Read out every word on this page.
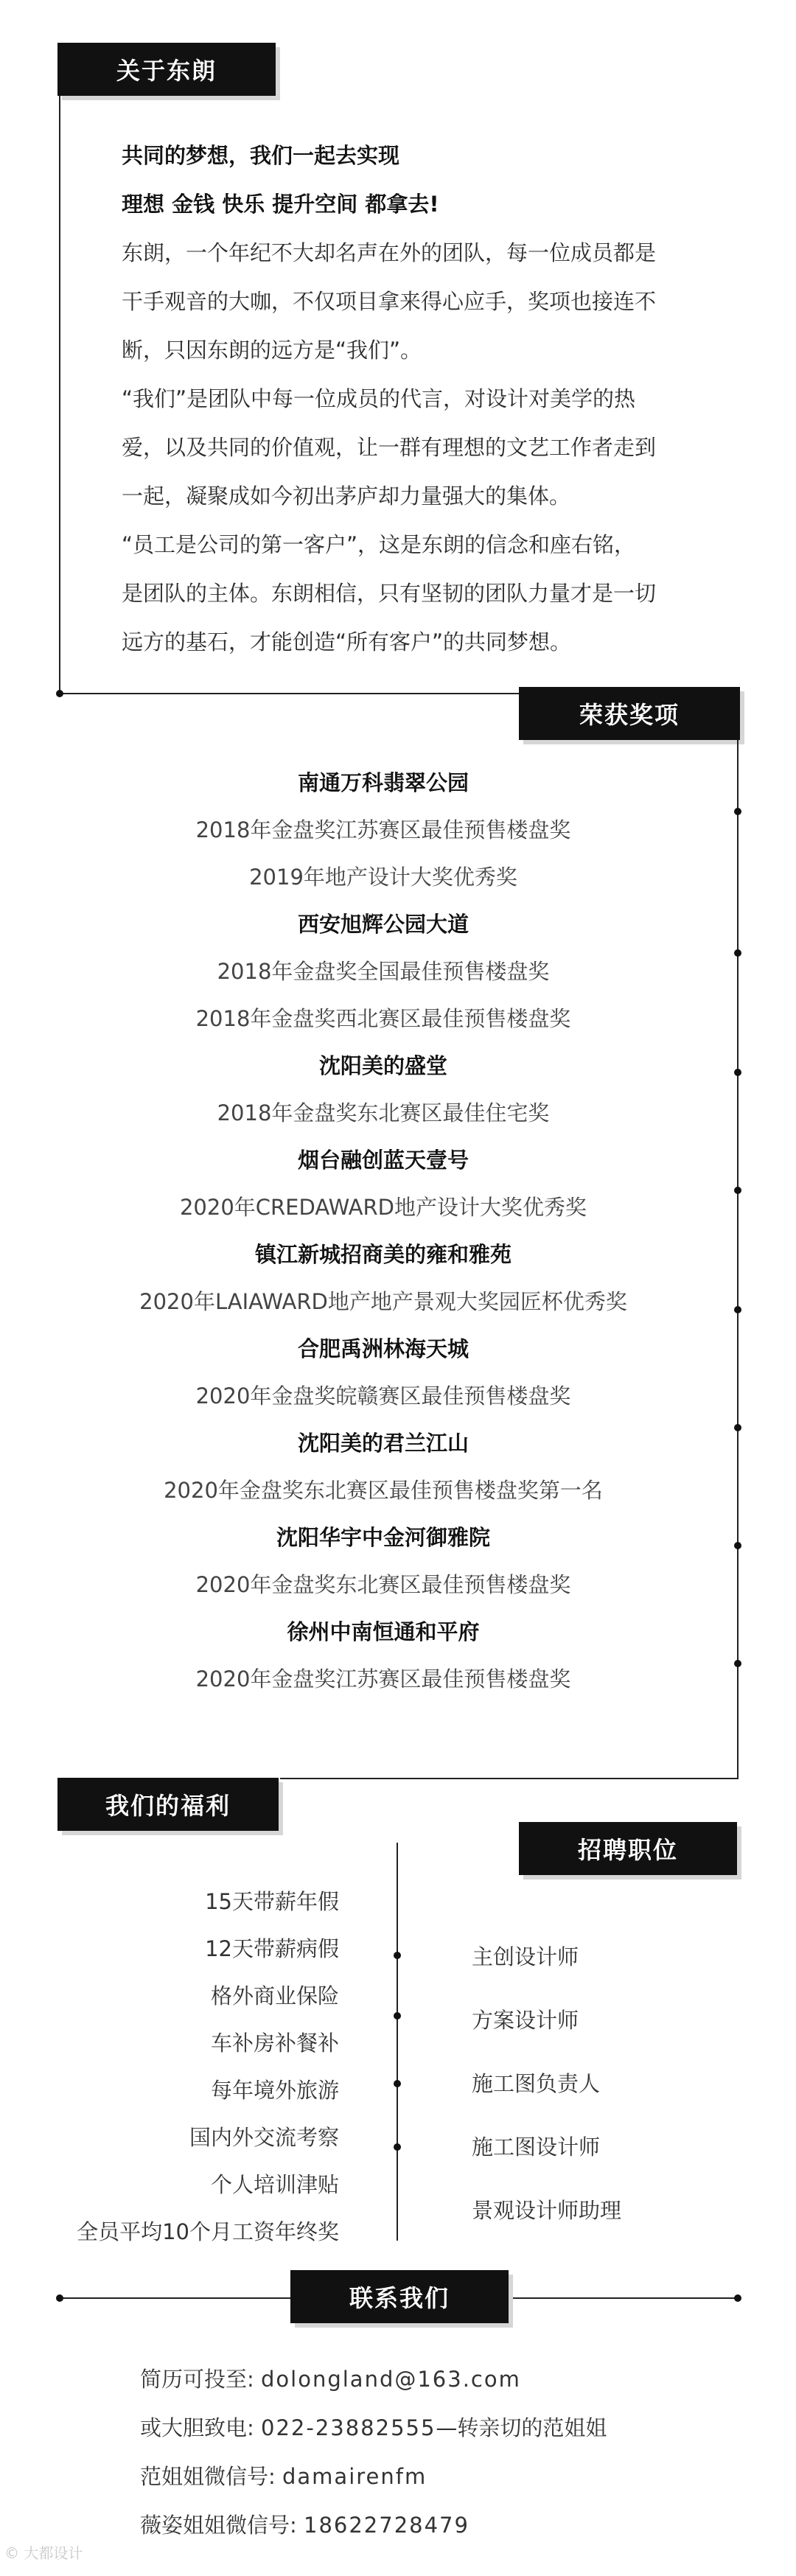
关于东朗

共同的梦想，我们一起去实现

理想 金钱 快乐 提升空间 都拿去!

东朗，一个年纪不大却名声在外的团队，每一位成员都是

干手观音的大咖，不仅项目拿来得心应手，奖项也接连不

断，只因东朗的远方是“我们”。

“我们”是团队中每一位成员的代言，对设计对美学的热

爱，以及共同的价值观，让一群有理想的文艺工作者走到

一起，凝聚成如今初出茅庐却力量强大的集体。

“员工是公司的第一客户”，这是东朗的信念和座右铭，

是团队的主体。东朗相信，只有坚韧的团队力量才是一切

远方的基石，才能创造“所有客户”的共同梦想。

荣获奖项
南通万科翡翠公园
2018年金盘奖江苏赛区最佳预售楼盘奖
2019年地产设计大奖优秀奖
西安旭辉公园大道
2018年金盘奖全国最佳预售楼盘奖
2018年金盘奖西北赛区最佳预售楼盘奖
沈阳美的盛堂
2018年金盘奖东北赛区最佳住宅奖
烟台融创蓝天壹号
2020年CREDAWARD地产设计大奖优秀奖
镇江新城招商美的雍和雅苑
2020年LAIAWARD地产地产景观大奖园匠杯优秀奖
合肥禹洲林海天城
2020年金盘奖皖赣赛区最佳预售楼盘奖
沈阳美的君兰江山
2020年金盘奖东北赛区最佳预售楼盘奖第一名
沈阳华宇中金河御雅院
2020年金盘奖东北赛区最佳预售楼盘奖
徐州中南恒通和平府
2020年金盘奖江苏赛区最佳预售楼盘奖
我们的福利
招聘职位
15天带薪年假
12天带薪病假
格外商业保险
车补房补餐补
每年境外旅游
国内外交流考察
个人培训津贴
全员平均10个月工资年终奖
主创设计师
方案设计师
施工图负责人
施工图设计师
景观设计师助理
联系我们
简历可投至: dolongland@163.com
或大胆致电: 022-23882555—转亲切的范姐姐
范姐姐微信号: damairenfm
薇姿姐姐微信号: 18622728479
© 大都设计
